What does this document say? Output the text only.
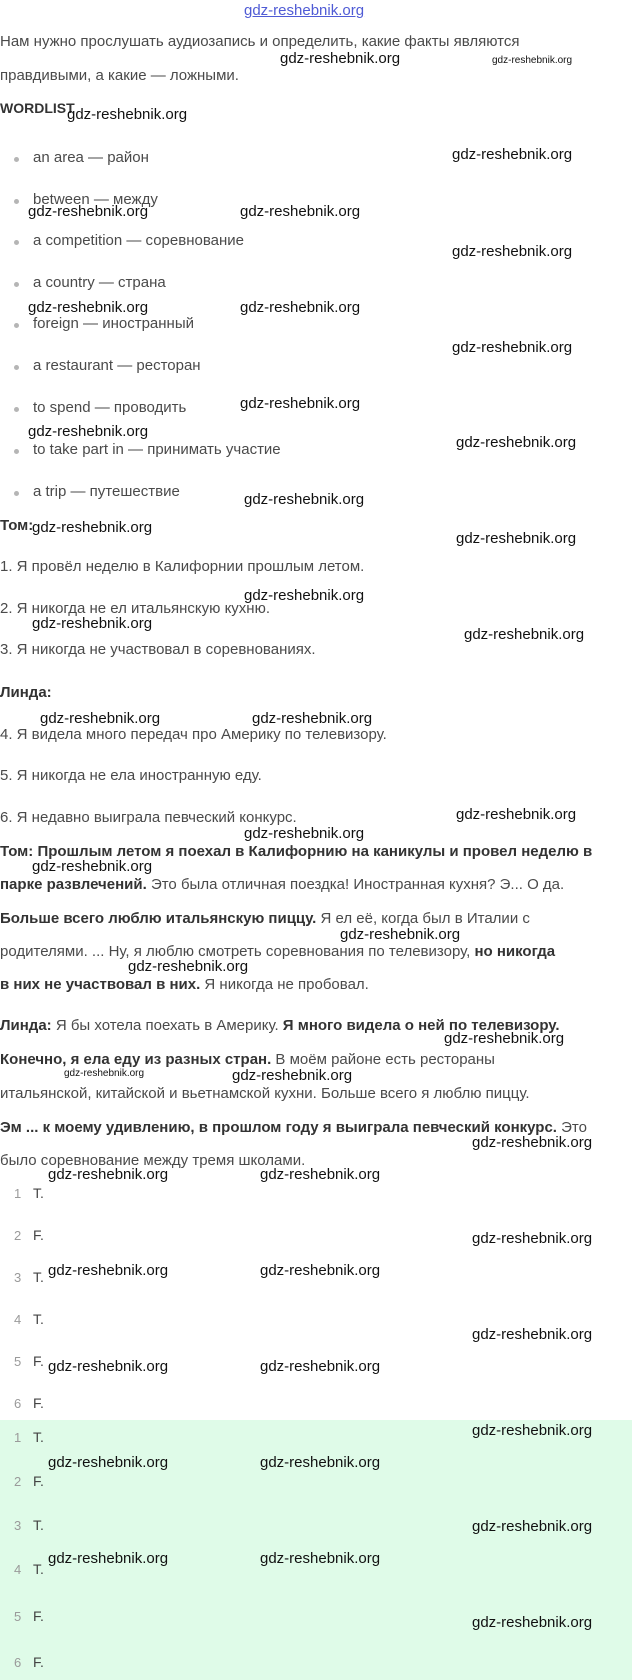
gdz-reshebnik.org
Нам нужно прослушать аудиозапись и определить, какие факты являются
правдивыми, а какие — ложными.
WORDLIST
an area — район
between — между
a competition — соревнование
a country — страна
foreign — иностранный
a restaurant — ресторан
to spend — проводить
to take part in — принимать участие
a trip — путешествие
Том:
1. Я провёл неделю в Калифорнии прошлым летом.
2. Я никогда не ел итальянскую кухню.
3. Я никогда не участвовал в соревнованиях.
Линда:
4. Я видела много передач про Америку по телевизору.
5. Я никогда не ела иностранную еду.
6. Я недавно выиграла певческий конкурс.
Том: Прошлым летом я поехал в Калифорнию на каникулы и провел неделю в
парке развлечений. Это была отличная поездка! Иностранная кухня? Э... О да.
Больше всего люблю итальянскую пиццу. Я ел её, когда был в Италии с
родителями. ... Ну, я люблю смотреть соревнования по телевизору, но никогда
в них не участвовал в них. Я никогда не пробовал.
Линда: Я бы хотела поехать в Америку. Я много видела о ней по телевизору.
Конечно, я ела еду из разных стран. В моём районе есть рестораны
итальянской, китайской и вьетнамской кухни. Больше всего я люблю пиццу.
Эм ... к моему удивлению, в прошлом году я выиграла певческий конкурс. Это
было соревнование между тремя школами.
1 T.
2 F.
3 T.
4 T.
5 F.
6 F.
1 T.
2 F.
3 T.
4 T.
5 F.
6 F.
gdz-reshebnik.org	gdz-reshebnik.org
gdz-reshebnik.org
gdz-reshebnik.org
gdz-reshebnik.org	gdz-reshebnik.org
gdz-reshebnik.org
gdz-reshebnik.org	gdz-reshebnik.org
gdz-reshebnik.org
gdz-reshebnik.org
gdz-reshebnik.org
gdz-reshebnik.org
gdz-reshebnik.org
gdz-reshebnik.org
gdz-reshebnik.org
gdz-reshebnik.org
gdz-reshebnik.org
gdz-reshebnik.org
gdz-reshebnik.org	gdz-reshebnik.org
gdz-reshebnik.org
gdz-reshebnik.org
gdz-reshebnik.org
gdz-reshebnik.org
gdz-reshebnik.org
gdz-reshebnik.org
gdz-reshebnik.org	gdz-reshebnik.org
gdz-reshebnik.org
gdz-reshebnik.org	gdz-reshebnik.org
gdz-reshebnik.org
gdz-reshebnik.org	gdz-reshebnik.org
gdz-reshebnik.org
gdz-reshebnik.org	gdz-reshebnik.org
gdz-reshebnik.org
gdz-reshebnik.org	gdz-reshebnik.org
gdz-reshebnik.org
gdz-reshebnik.org	gdz-reshebnik.org
gdz-reshebnik.org
